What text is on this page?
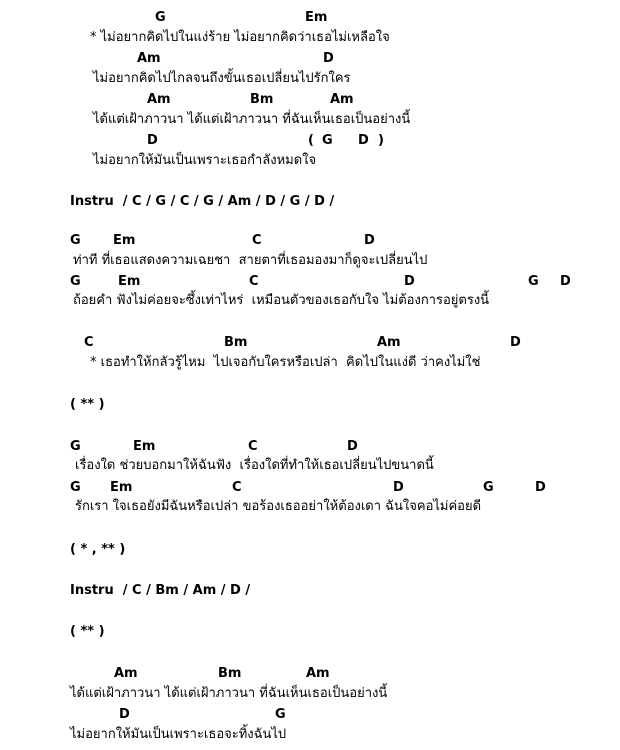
G	Em
* ไม่อยากคิดไปในแง่ร้าย ไม่อยากคิดว่าเธอไม่เหลือใจ
Am	D
ไม่อยากคิดไปไกลจนถึงขั้นเธอเปลี่ยนไปรักใคร
Am	Bm	Am
ได้แต่เฝ้าภาวนา ได้แต่เฝ้าภาวนา ที่ฉันเห็นเธอเป็นอย่างนี้
D	( G D )
ไม่อยากให้มันเป็นเพราะเธอกำลังหมดใจ
Instru  / C / G / C / G / Am / D / G / D /
G Em	C	D
ท่าที ที่เธอแสดงความเฉยชา  สายตาที่เธอมองมาก็ดูจะเปลี่ยนไป
G	Em	C	D	G D
ถ้อยคำ ฟังไม่ค่อยจะซึ้งเท่าไหร่  เหมือนตัวของเธอกับใจ ไม่ต้องการอยู่ตรงนี้
C	Bm	Am	D
* เธอทำให้กลัวรู้ไหม  ไปเจอกับใครหรือเปล่า  คิดไปในแง่ดี ว่าคงไม่ใช่
( ** )
G	Em	C	D
เรื่องใด ช่วยบอกมาให้ฉันฟัง  เรื่องใดที่ทำให้เธอเปลี่ยนไปขนาดนี้
G Em	C	D	G	D
รักเรา ใจเธอยังมีฉันหรือเปล่า ขอร้องเธออย่าให้ต้องเดา ฉันใจคอไม่ค่อยดี
( * , ** )
Instru  / C / Bm / Am / D /
( ** )
Am	Bm	Am
ได้แต่เฝ้าภาวนา ได้แต่เฝ้าภาวนา ที่ฉันเห็นเธอเป็นอย่างนี้
D	G
ไม่อยากให้มันเป็นเพราะเธอจะทิ้งฉันไป
